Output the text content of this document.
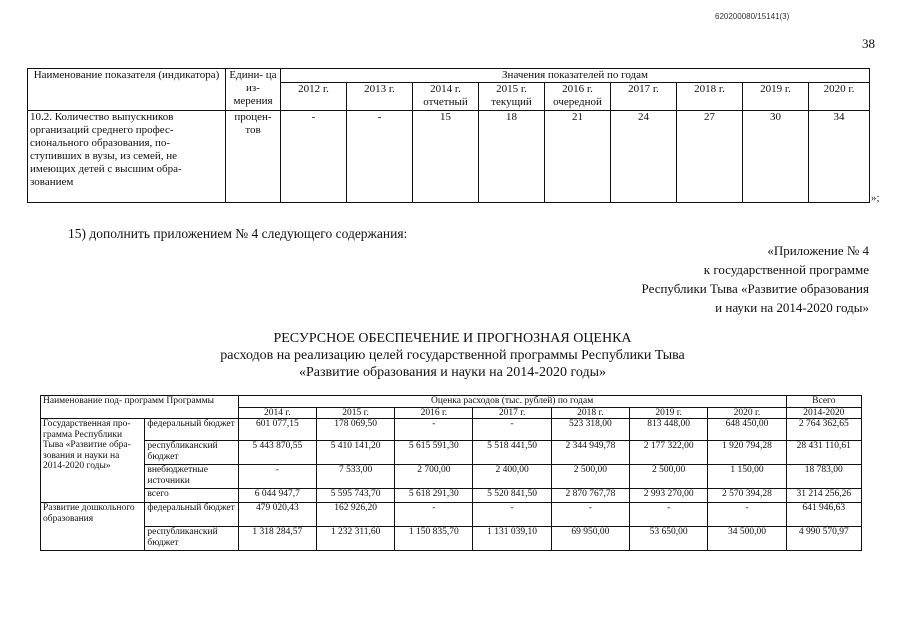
620200080/15141(3)
38
Наименование показателя (индикатора)	Едини- ца из- мерения	Значения показателей по годам								
		2012 г.	2013 г.	2014 г. отчетный	2015 г. текущий	2016 г. очередной	2017 г.	2018 г.	2019 г.	2020 г.
10.2. Количество выпускников организаций среднего профес- сионального образования, по- ступивших в вузы, из семей, не имеющих детей с высшим обра- зованием	процен- тов	-	-	15	18	21	24	27	30	34
»;
15) дополнить приложением № 4 следующего содержания:
«Приложение № 4
к государственной программе
Республики Тыва «Развитие образования
и науки на 2014-2020 годы»
РЕСУРСНОЕ ОБЕСПЕЧЕНИЕ И ПРОГНОЗНАЯ ОЦЕНКА
расходов на реализацию целей государственной программы Республики Тыва
«Развитие образования и науки на 2014-2020 годы»
Наименование под- программ Программы		Оценка расходов (тыс. рублей) по годам							Всего
		2014 г.	2015 г.	2016 г.	2017 г.	2018 г.	2019 г.	2020 г.	2014-2020
Государственная про- грамма Республики Тыва «Развитие обра- зования и науки на 2014-2020 годы»	федеральный бюджет	601 077,15	178 069,50	-	-	523 318,00	813 448,00	648 450,00	2 764 362,65
	республиканский бюджет	5 443 870,55	5 410 141,20	5 615 591,30	5 518 441,50	2 344 949,78	2 177 322,00	1 920 794,28	28 431 110,61
	внебюджетные источники	-	7 533,00	2 700,00	2 400,00	2 500,00	2 500,00	1 150,00	18 783,00
	всего	6 044 947,7	5 595 743,70	5 618 291,30	5 520 841,50	2 870 767,78	2 993 270,00	2 570 394,28	31 214 256,26
Развитие дошкольного образования	федеральный бюджет	479 020,43	162 926,20	-	-	-	-	-	641 946,63
	республиканский бюджет	1 318 284,57	1 232 311,60	1 150 835,70	1 131 039,10	69 950,00	53 650,00	34 500,00	4 990 570,97
